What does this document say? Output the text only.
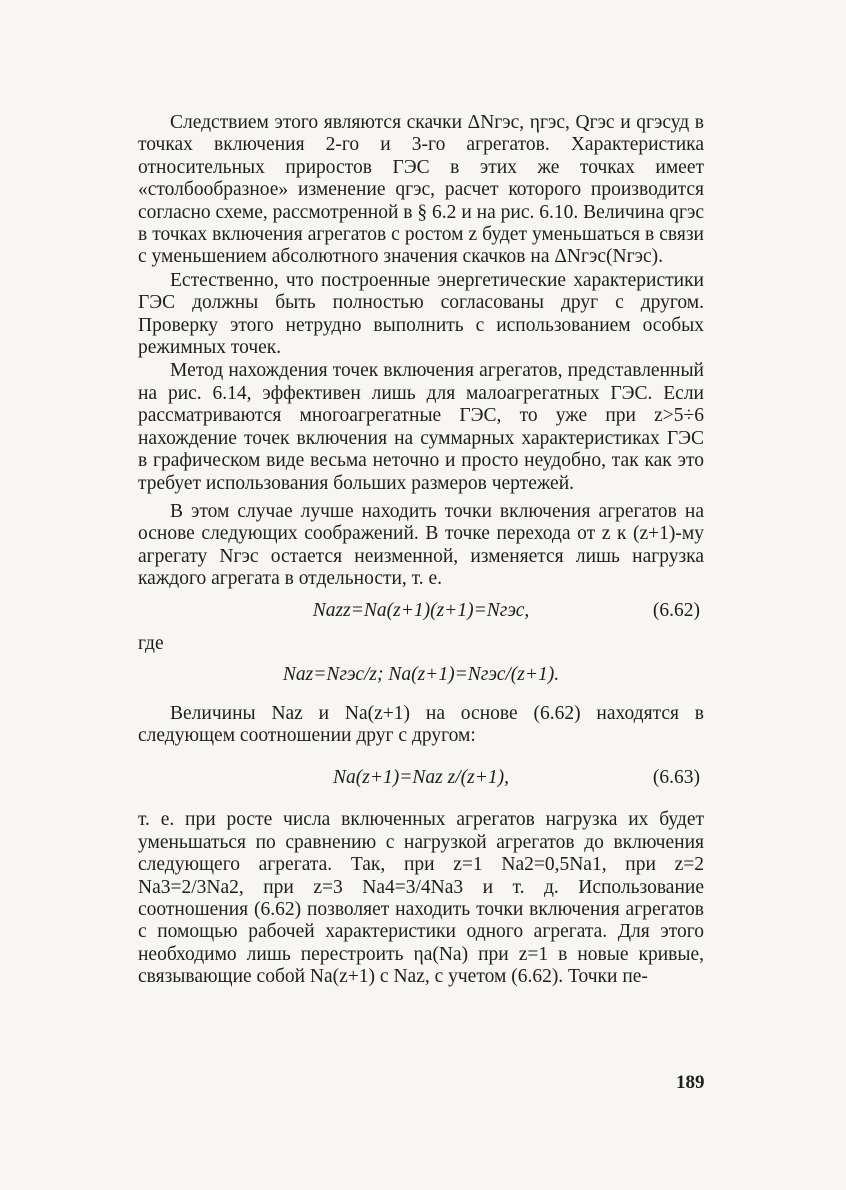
Следствием этого являются скачки ΔNгэс, ηгэс, Qгэс и qгэсуд в точках включения 2-го и 3-го агрегатов. Характеристика относительных приростов ГЭС в этих же точках имеет «столбообразное» изменение qгэс, расчет которого производится согласно схеме, рассмотренной в § 6.2 и на рис. 6.10. Величина qгэс в точках включения агрегатов с ростом z будет уменьшаться в связи с уменьшением абсолютного значения скачков на ΔNгэс(Nгэс).

Естественно, что построенные энергетические характеристики ГЭС должны быть полностью согласованы друг с другом. Проверку этого нетрудно выполнить с использованием особых режимных точек.

Метод нахождения точек включения агрегатов, представленный на рис. 6.14, эффективен лишь для малоагрегатных ГЭС. Если рассматриваются многоагрегатные ГЭС, то уже при z>5÷6 нахождение точек включения на суммарных характеристиках ГЭС в графическом виде весьма неточно и просто неудобно, так как это требует использования больших размеров чертежей.

В этом случае лучше находить точки включения агрегатов на основе следующих соображений. В точке перехода от z к (z+1)-му агрегату Nгэс остается неизменной, изменяется лишь нагрузка каждого агрегата в отдельности, т. е.

Nazz=Na(z+1)(z+1)=Nгэс,	(6.62)
где
Naz=Nгэс/z; Na(z+1)=Nгэс/(z+1).

Величины Naz и Na(z+1) на основе (6.62) находятся в следующем соотношении друг с другом:

Na(z+1)=Naz z/(z+1),	(6.63)

т. е. при росте числа включенных агрегатов нагрузка их будет уменьшаться по сравнению с нагрузкой агрегатов до включения следующего агрегата. Так, при z=1 Na2=0,5Na1, при z=2 Na3=2/3Na2, при z=3 Na4=3/4Na3 и т. д. Использование соотношения (6.62) позволяет находить точки включения агрегатов с помощью рабочей характеристики одного агрегата. Для этого необходимо лишь перестроить ηa(Na) при z=1 в новые кривые, связывающие собой Na(z+1) с Naz, с учетом (6.62). Точки пе-

189
